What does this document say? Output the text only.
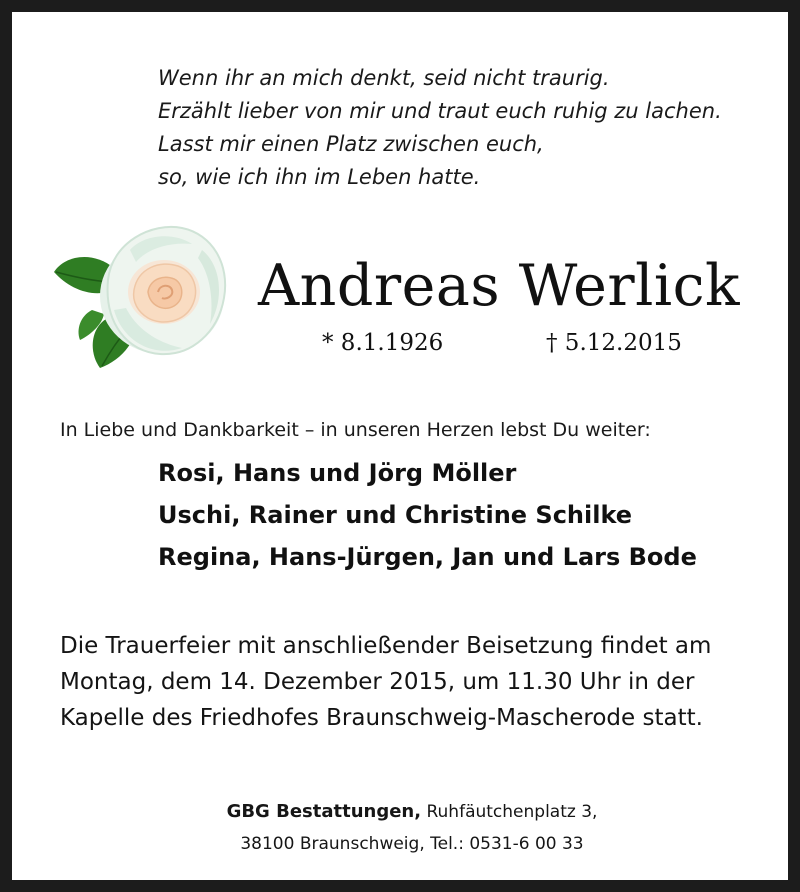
Wenn ihr an mich denkt, seid nicht traurig.
Erzählt lieber von mir und traut euch ruhig zu lachen.
Lasst mir einen Platz zwischen euch,
so, wie ich ihn im Leben hatte.
Andreas Werlick
* 8.1.1926	† 5.12.2015
In Liebe und Dankbarkeit – in unseren Herzen lebst Du weiter:
Rosi, Hans und Jörg Möller
Uschi, Rainer und Christine Schilke
Regina, Hans-Jürgen, Jan und Lars Bode
Die Trauerfeier mit anschließender Beisetzung findet am
Montag, dem 14. Dezember 2015, um 11.30 Uhr in der
Kapelle des Friedhofes Braunschweig-Mascherode statt.
GBG Bestattungen, Ruhfäutchenplatz 3,
38100 Braunschweig, Tel.: 0531-6 00 33
